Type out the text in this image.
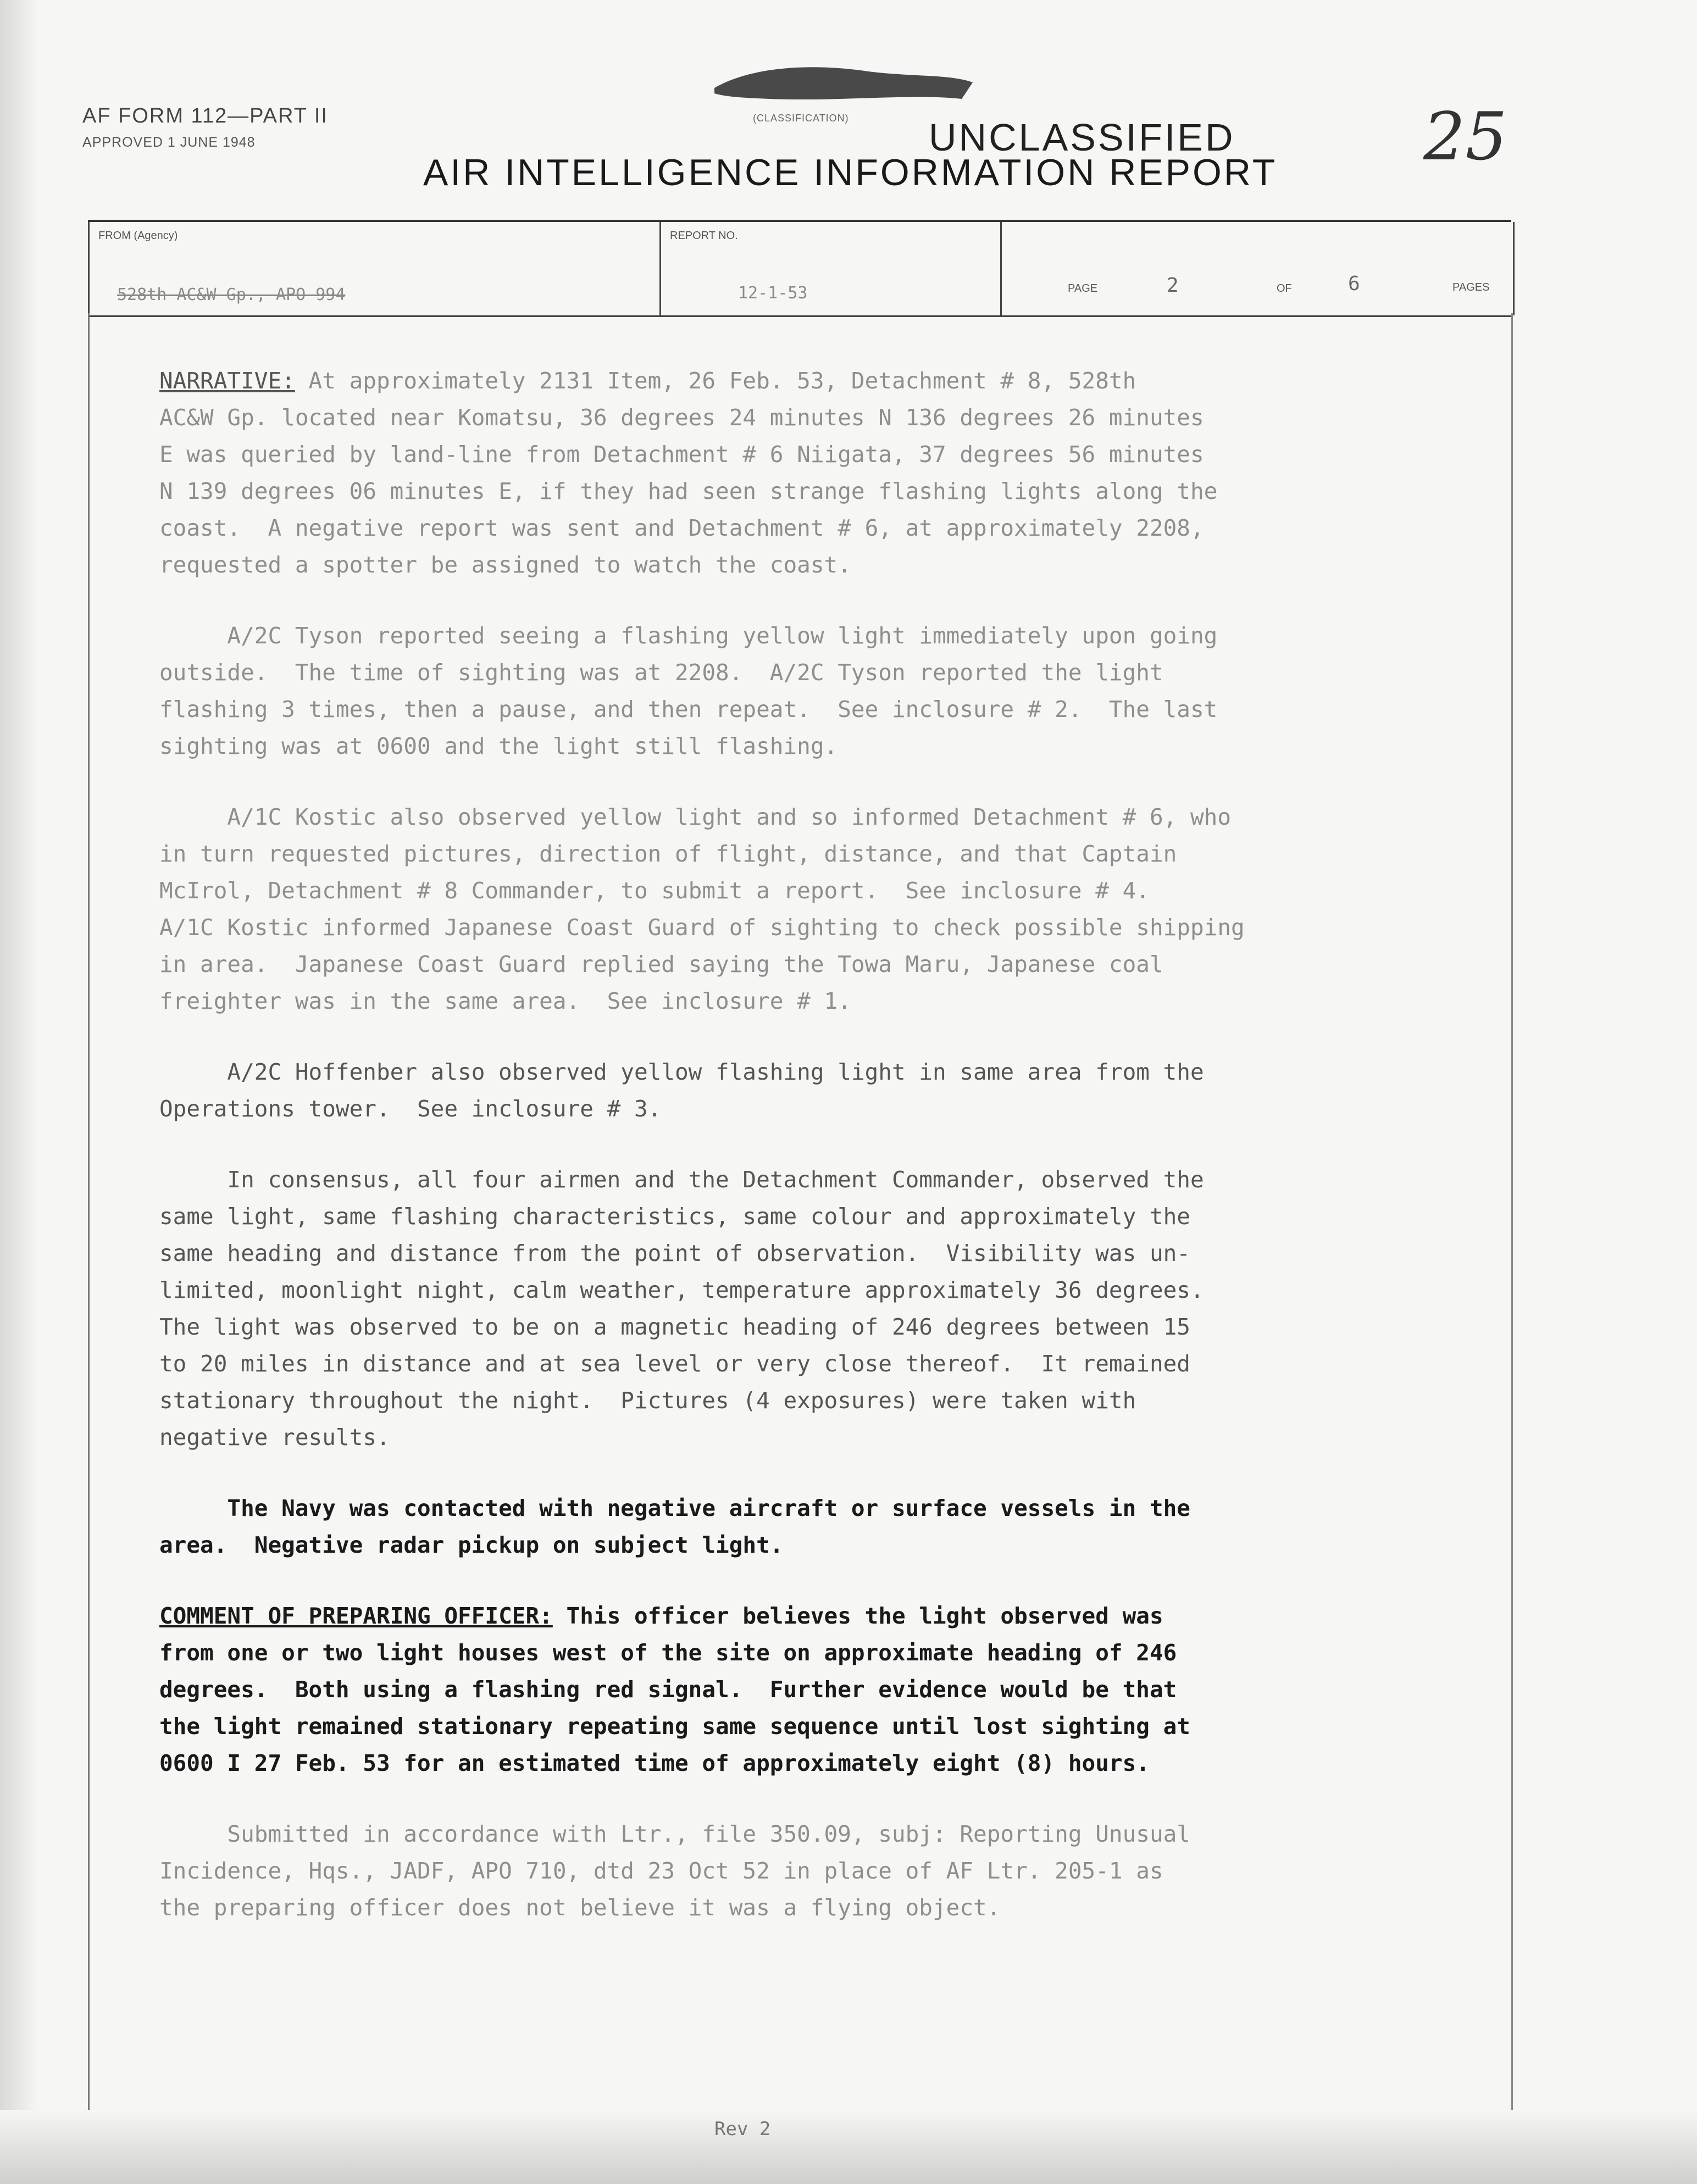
AF FORM 112—PART II
APPROVED 1 JUNE 1948
(CLASSIFICATION) UNCLASSIFIED
AIR INTELLIGENCE INFORMATION REPORT 25
FROM (Agency)
528th AC&W Gp., APO 994
REPORT NO.
12-1-53	PAGE	2	OF	6	PAGES

NARRATIVE: At approximately 2131 Item, 26 Feb. 53, Detachment # 8, 528th
AC&W Gp. located near Komatsu, 36 degrees 24 minutes N 136 degrees 26 minutes
E was queried by land-line from Detachment # 6 Niigata, 37 degrees 56 minutes
N 139 degrees 06 minutes E, if they had seen strange flashing lights along the
coast.  A negative report was sent and Detachment # 6, at approximately 2208,
requested a spotter be assigned to watch the coast.

A/2C Tyson reported seeing a flashing yellow light immediately upon going
outside.  The time of sighting was at 2208.  A/2C Tyson reported the light
flashing 3 times, then a pause, and then repeat.  See inclosure # 2.  The last
sighting was at 0600 and the light still flashing.

A/1C Kostic also observed yellow light and so informed Detachment # 6, who
in turn requested pictures, direction of flight, distance, and that Captain
McIrol, Detachment # 8 Commander, to submit a report.  See inclosure # 4.
A/1C Kostic informed Japanese Coast Guard of sighting to check possible shipping
in area.  Japanese Coast Guard replied saying the Towa Maru, Japanese coal
freighter was in the same area.  See inclosure # 1.

A/2C Hoffenber also observed yellow flashing light in same area from the
Operations tower.  See inclosure # 3.

In consensus, all four airmen and the Detachment Commander, observed the
same light, same flashing characteristics, same colour and approximately the
same heading and distance from the point of observation.  Visibility was un-
limited, moonlight night, calm weather, temperature approximately 36 degrees.
The light was observed to be on a magnetic heading of 246 degrees between 15
to 20 miles in distance and at sea level or very close thereof.  It remained
stationary throughout the night.  Pictures (4 exposures) were taken with
negative results.

The Navy was contacted with negative aircraft or surface vessels in the
area.  Negative radar pickup on subject light.

COMMENT OF PREPARING OFFICER: This officer believes the light observed was
from one or two light houses west of the site on approximate heading of 246
degrees.  Both using a flashing red signal.  Further evidence would be that
the light remained stationary repeating same sequence until lost sighting at
0600 I 27 Feb. 53 for an estimated time of approximately eight (8) hours.

Submitted in accordance with Ltr., file 350.09, subj: Reporting Unusual
Incidence, Hqs., JADF, APO 710, dtd 23 Oct 52 in place of AF Ltr. 205-1 as
the preparing officer does not believe it was a flying object.

Rev 2
